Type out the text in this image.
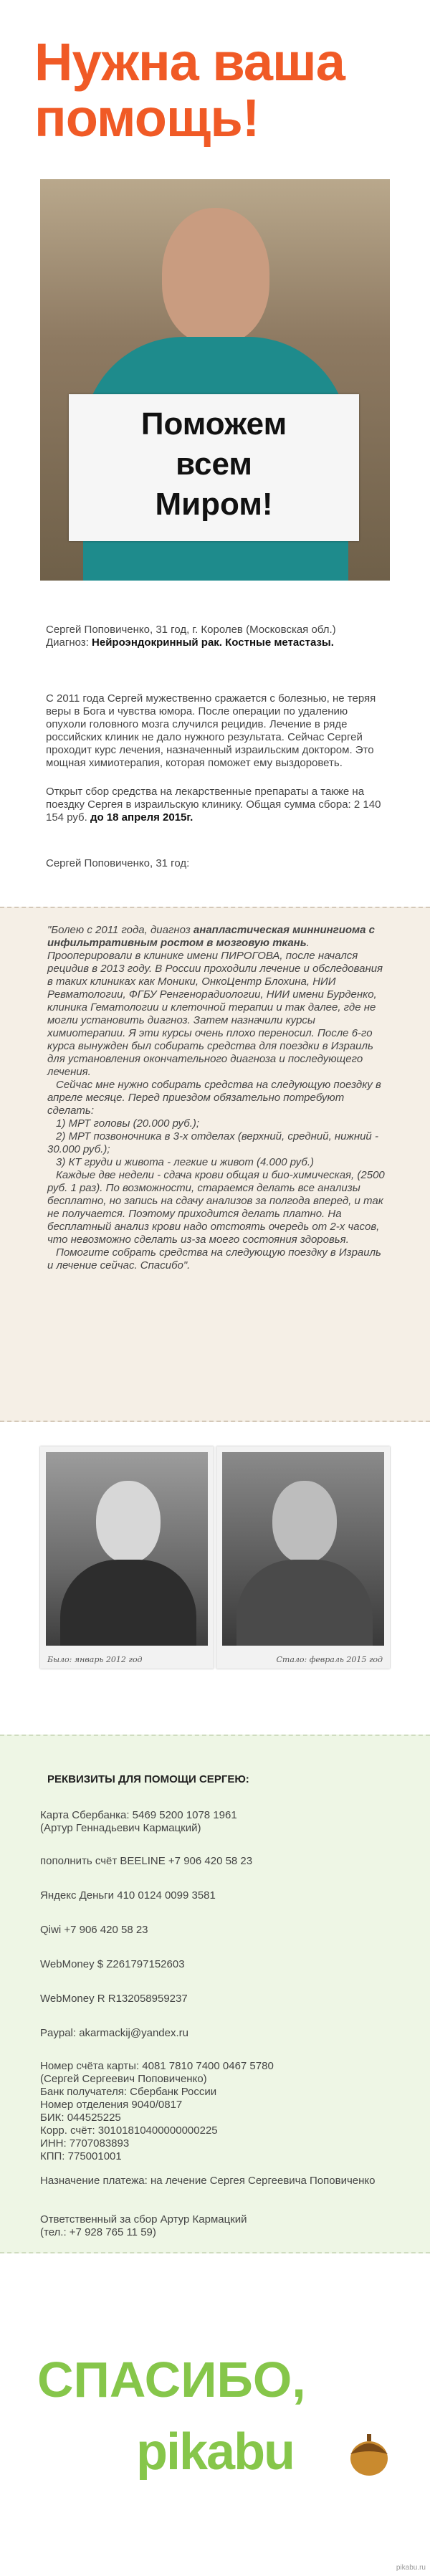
Нужна ваша помощь!
Поможем
всем
Миром!
Сергей Поповиченко, 31 год, г. Королев (Московская обл.)
Диагноз: Нейроэндокринный рак. Костные метастазы.
С 2011 года Сергей мужественно сражается с болезнью, не теряя веры в Бога и чувства юмора. После операции по удалению опухоли головного мозга случился рецидив. Лечение в ряде российских клиник не дало нужного результата. Сейчас Сергей проходит курс лечения, назначенный израильским доктором. Это мощная химиотерапия, которая поможет ему выздороветь.
Открыт сбор средства на лекарственные препараты а также на поездку Сергея в израильскую клинику. Общая сумма сбора: 2 140 154 руб. до 18 апреля 2015г.
Сергей Поповиченко, 31 год:

"Болею с 2011 года, диагноз анапластическая миннингиома с инфильтративным ростом в мозговую ткань. Прооперировали в клинике имени ПИРОГОВА, после начался рецидив в 2013 году. В России проходили лечение и обследования в таких клиниках как Моники, ОнкоЦентр Блохина, НИИ Ревматологии, ФГБУ Ренгенорадиологии, НИИ имени Бурденко, клиника Гематологии и клеточной терапии и так далее, где не могли установить диагноз. Затем назначили курсы химиотерапии. Я эти курсы очень плохо переносил. После 6-го курса вынужден был собирать средства для поездки в Израиль для установления окончательного диагноза и последующего лечения.

Сейчас мне нужно собирать средства на следующую поездку в апреле месяце. Перед приездом обязательно потребуют сделать:

1) МРТ головы (20.000 руб.);

2) МРТ позвоночника в 3-х отделах (верхний, средний, нижний - 30.000 руб.);

3) КТ груди и живота - легкие и живот (4.000 руб.)

Каждые две недели - сдача крови общая и био-химическая, (2500 руб. 1 раз). По возможности, стараемся делать все анализы бесплатно, но запись на сдачу анализов за полгода вперед, и так не получается. Поэтому приходится делать платно. На бесплатный анализ крови надо отстоять очередь от 2-х часов, что невозможно сделать из-за моего состояния здоровья.

Помогите собрать средства на следующую поездку в Израиль и лечение сейчас. Спасибо".

Было: январь 2012 год	Стало: февраль 2015 год
РЕКВИЗИТЫ ДЛЯ ПОМОЩИ СЕРГЕЮ:
Карта Сбербанка: 5469 5200 1078 1961
(Артур Геннадьевич Кармацкий)
пополнить счёт BEELINE +7 906 420 58 23
Яндекс Деньги 410 0124 0099 3581
Qiwi +7 906 420 58 23
WebMoney $ Z261797152603
WebMoney R R132058959237
Paypal: akarmackij@yandex.ru
Номер счёта карты: 4081 7810 7400 0467 5780
(Сергей Сергеевич Поповиченко)
Банк получателя: Сбербанк России
Номер отделения 9040/0817
БИК: 044525225
Корр. счёт: 30101810400000000225
ИНН: 7707083893
КПП: 775001001
Назначение платежа: на лечение Сергея Сергеевича Поповиченко
Ответственный за сбор Артур Кармацкий
(тел.: +7 928 765 11 59)
СПАСИБО,
pikabu
pikabu.ru
